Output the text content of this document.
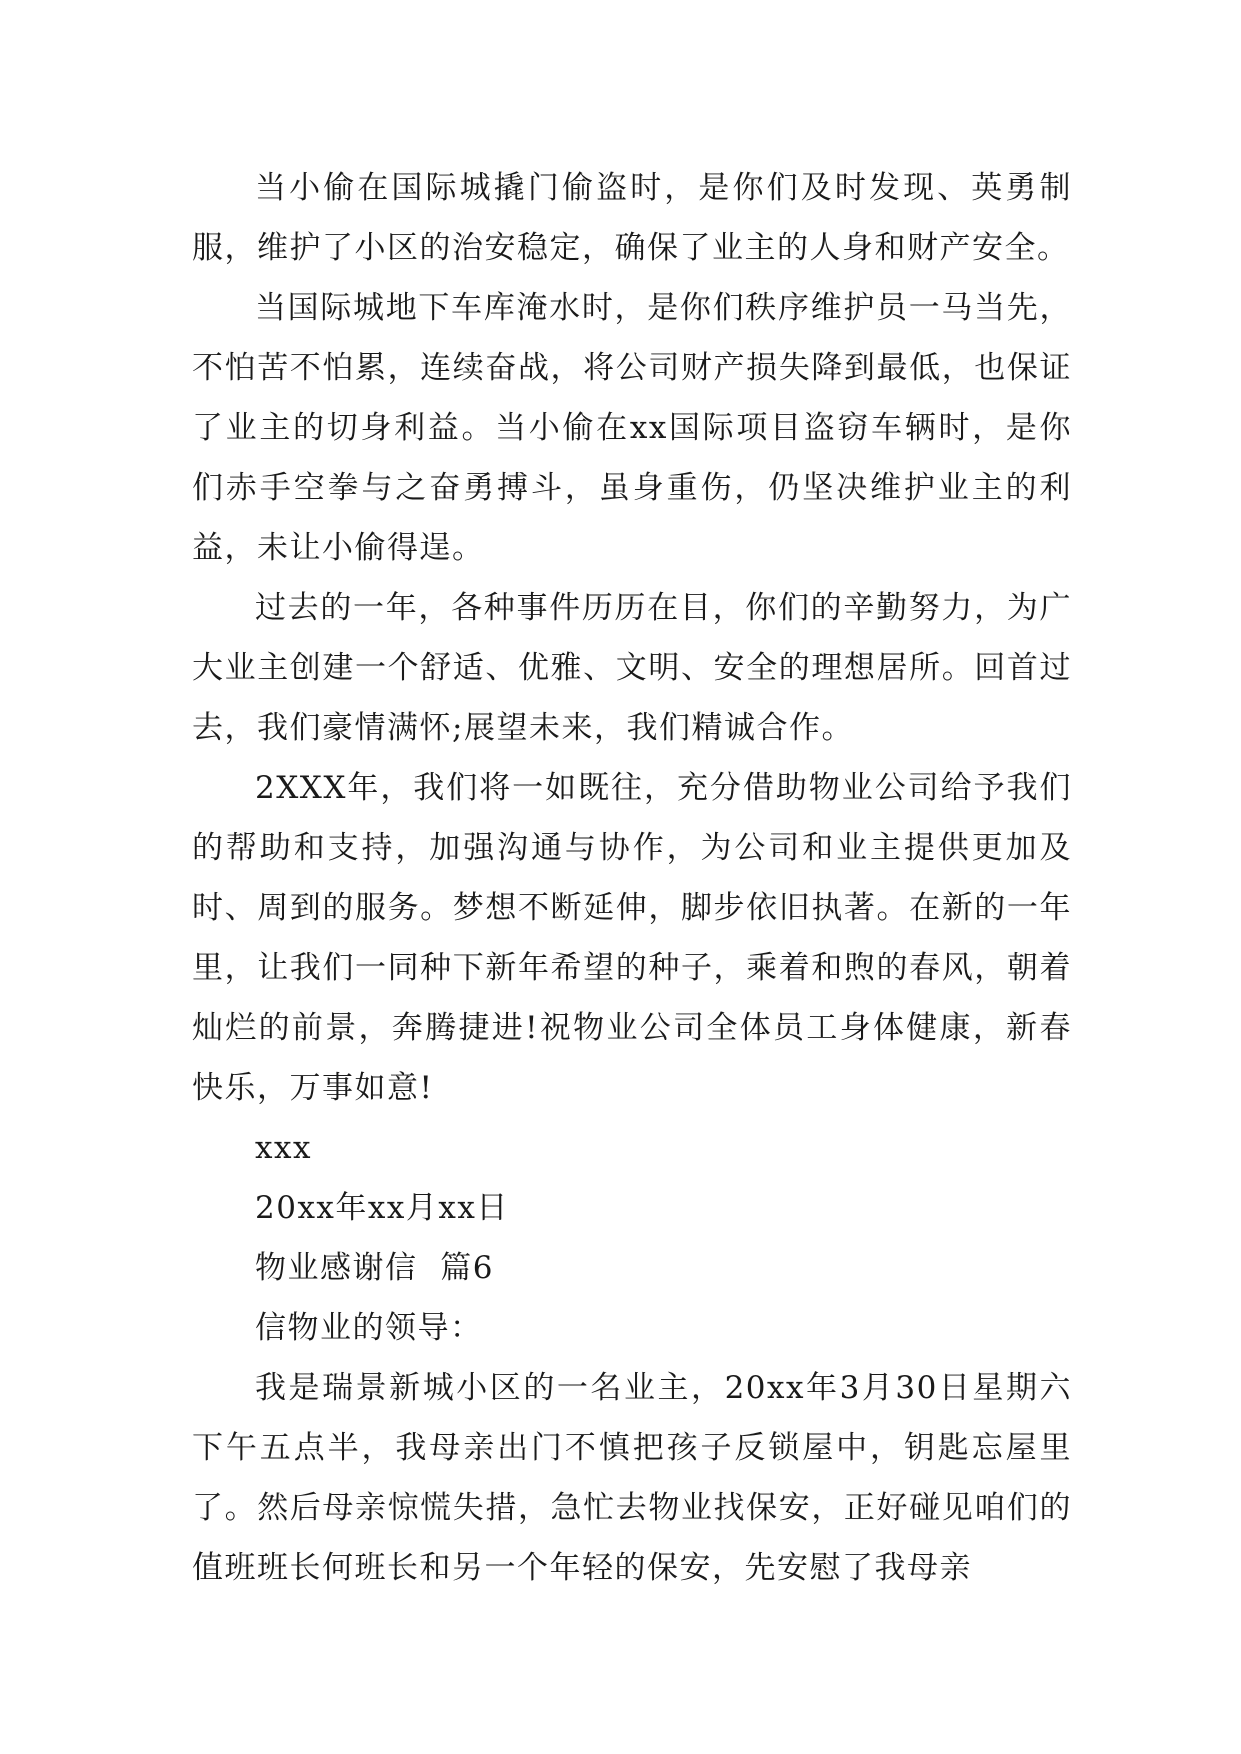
当小偷在国际城撬门偷盗时，是你们及时发现、英勇制服，维护了小区的治安稳定，确保了业主的人身和财产安全。

当国际城地下车库淹水时，是你们秩序维护员一马当先，不怕苦不怕累，连续奋战，将公司财产损失降到最低，也保证了业主的切身利益。当小偷在xx国际项目盗窃车辆时，是你们赤手空拳与之奋勇搏斗，虽身重伤，仍坚决维护业主的利益，未让小偷得逞。

过去的一年，各种事件历历在目，你们的辛勤努力，为广大业主创建一个舒适、优雅、文明、安全的理想居所。回首过去，我们豪情满怀;展望未来，我们精诚合作。

2XXX年，我们将一如既往，充分借助物业公司给予我们的帮助和支持，加强沟通与协作，为公司和业主提供更加及时、周到的服务。梦想不断延伸，脚步依旧执著。在新的一年里，让我们一同种下新年希望的种子，乘着和煦的春风，朝着灿烂的前景，奔腾捷进!祝物业公司全体员工身体健康，新春快乐，万事如意!

xxx

20xx年xx月xx日

物业感谢信  篇6

信物业的领导：

我是瑞景新城小区的一名业主，20xx年3月30日星期六下午五点半，我母亲出门不慎把孩子反锁屋中，钥匙忘屋里了。然后母亲惊慌失措，急忙去物业找保安，正好碰见咱们的值班班长何班长和另一个年轻的保安，先安慰了我母亲
